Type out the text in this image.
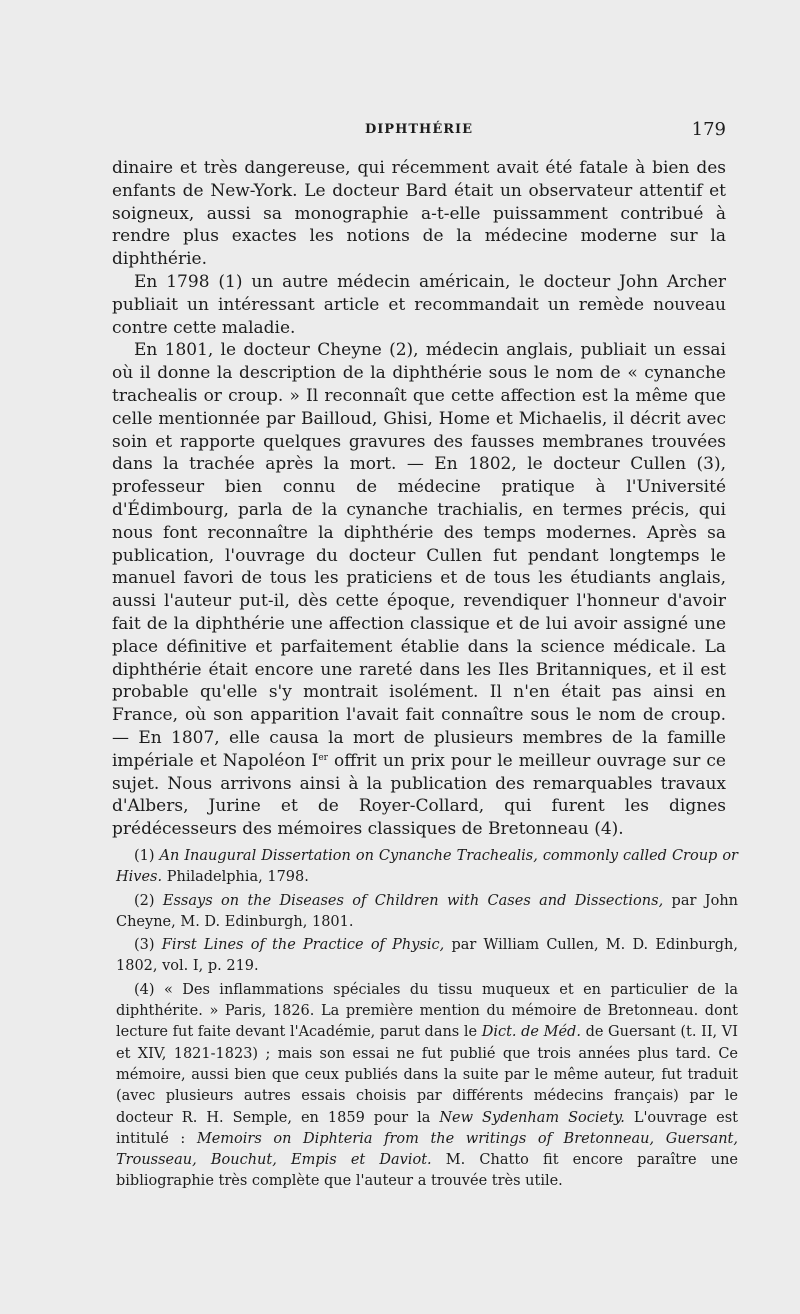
DIPHTHÉRIE	179

dinaire et très dangereuse, qui récemment avait été fatale à bien des enfants de New-York. Le docteur Bard était un observateur attentif et soigneux, aussi sa monographie a-t-elle puissamment contribué à rendre plus exactes les notions de la médecine moderne sur la diphthérie.

En 1798 (1) un autre médecin américain, le docteur John Archer publiait un intéressant article et recommandait un remède nouveau contre cette maladie.

En 1801, le docteur Cheyne (2), médecin anglais, publiait un essai où il donne la description de la diphthérie sous le nom de « cynanche trachealis or croup. » Il reconnaît que cette affection est la même que celle mentionnée par Bailloud, Ghisi, Home et Michaelis, il décrit avec soin et rapporte quelques gravures des fausses membranes trouvées dans la trachée après la mort. — En 1802, le docteur Cullen (3), professeur bien connu de médecine pratique à l'Université d'Édimbourg, parla de la cynanche trachialis, en termes précis, qui nous font reconnaître la diphthérie des temps modernes. Après sa publication, l'ouvrage du docteur Cullen fut pendant longtemps le manuel favori de tous les praticiens et de tous les étudiants anglais, aussi l'auteur put-il, dès cette époque, revendiquer l'honneur d'avoir fait de la diphthérie une affection classique et de lui avoir assigné une place définitive et parfaitement établie dans la science médicale. La diphthérie était encore une rareté dans les Iles Britanniques, et il est probable qu'elle s'y montrait isolément. Il n'en était pas ainsi en France, où son apparition l'avait fait connaître sous le nom de croup. — En 1807, elle causa la mort de plusieurs membres de la famille impériale et Napoléon Ier offrit un prix pour le meilleur ouvrage sur ce sujet. Nous arrivons ainsi à la publication des remarquables travaux d'Albers, Jurine et de Royer-Collard, qui furent les dignes prédécesseurs des mémoires classiques de Bretonneau (4).

(1) An Inaugural Dissertation on Cynanche Trachealis, commonly called Croup or Hives. Philadelphia, 1798.

(2) Essays on the Diseases of Children with Cases and Dissections, par John Cheyne, M. D. Edinburgh, 1801.

(3) First Lines of the Practice of Physic, par William Cullen, M. D. Edinburgh, 1802, vol. I, p. 219.

(4) « Des inflammations spéciales du tissu muqueux et en particulier de la diphthérite. » Paris, 1826. La première mention du mémoire de Bretonneau. dont lecture fut faite devant l'Académie, parut dans le Dict. de Méd. de Guersant (t. II, VI et XIV, 1821-1823) ; mais son essai ne fut publié que trois années plus tard. Ce mémoire, aussi bien que ceux publiés dans la suite par le même auteur, fut traduit (avec plusieurs autres essais choisis par différents médecins français) par le docteur R. H. Semple, en 1859 pour la New Sydenham Society. L'ouvrage est intitulé : Memoirs on Diphteria from the writings of Bretonneau, Guersant, Trousseau, Bouchut, Empis et Daviot. M. Chatto fit encore paraître une bibliographie très complète que l'auteur a trouvée très utile.
